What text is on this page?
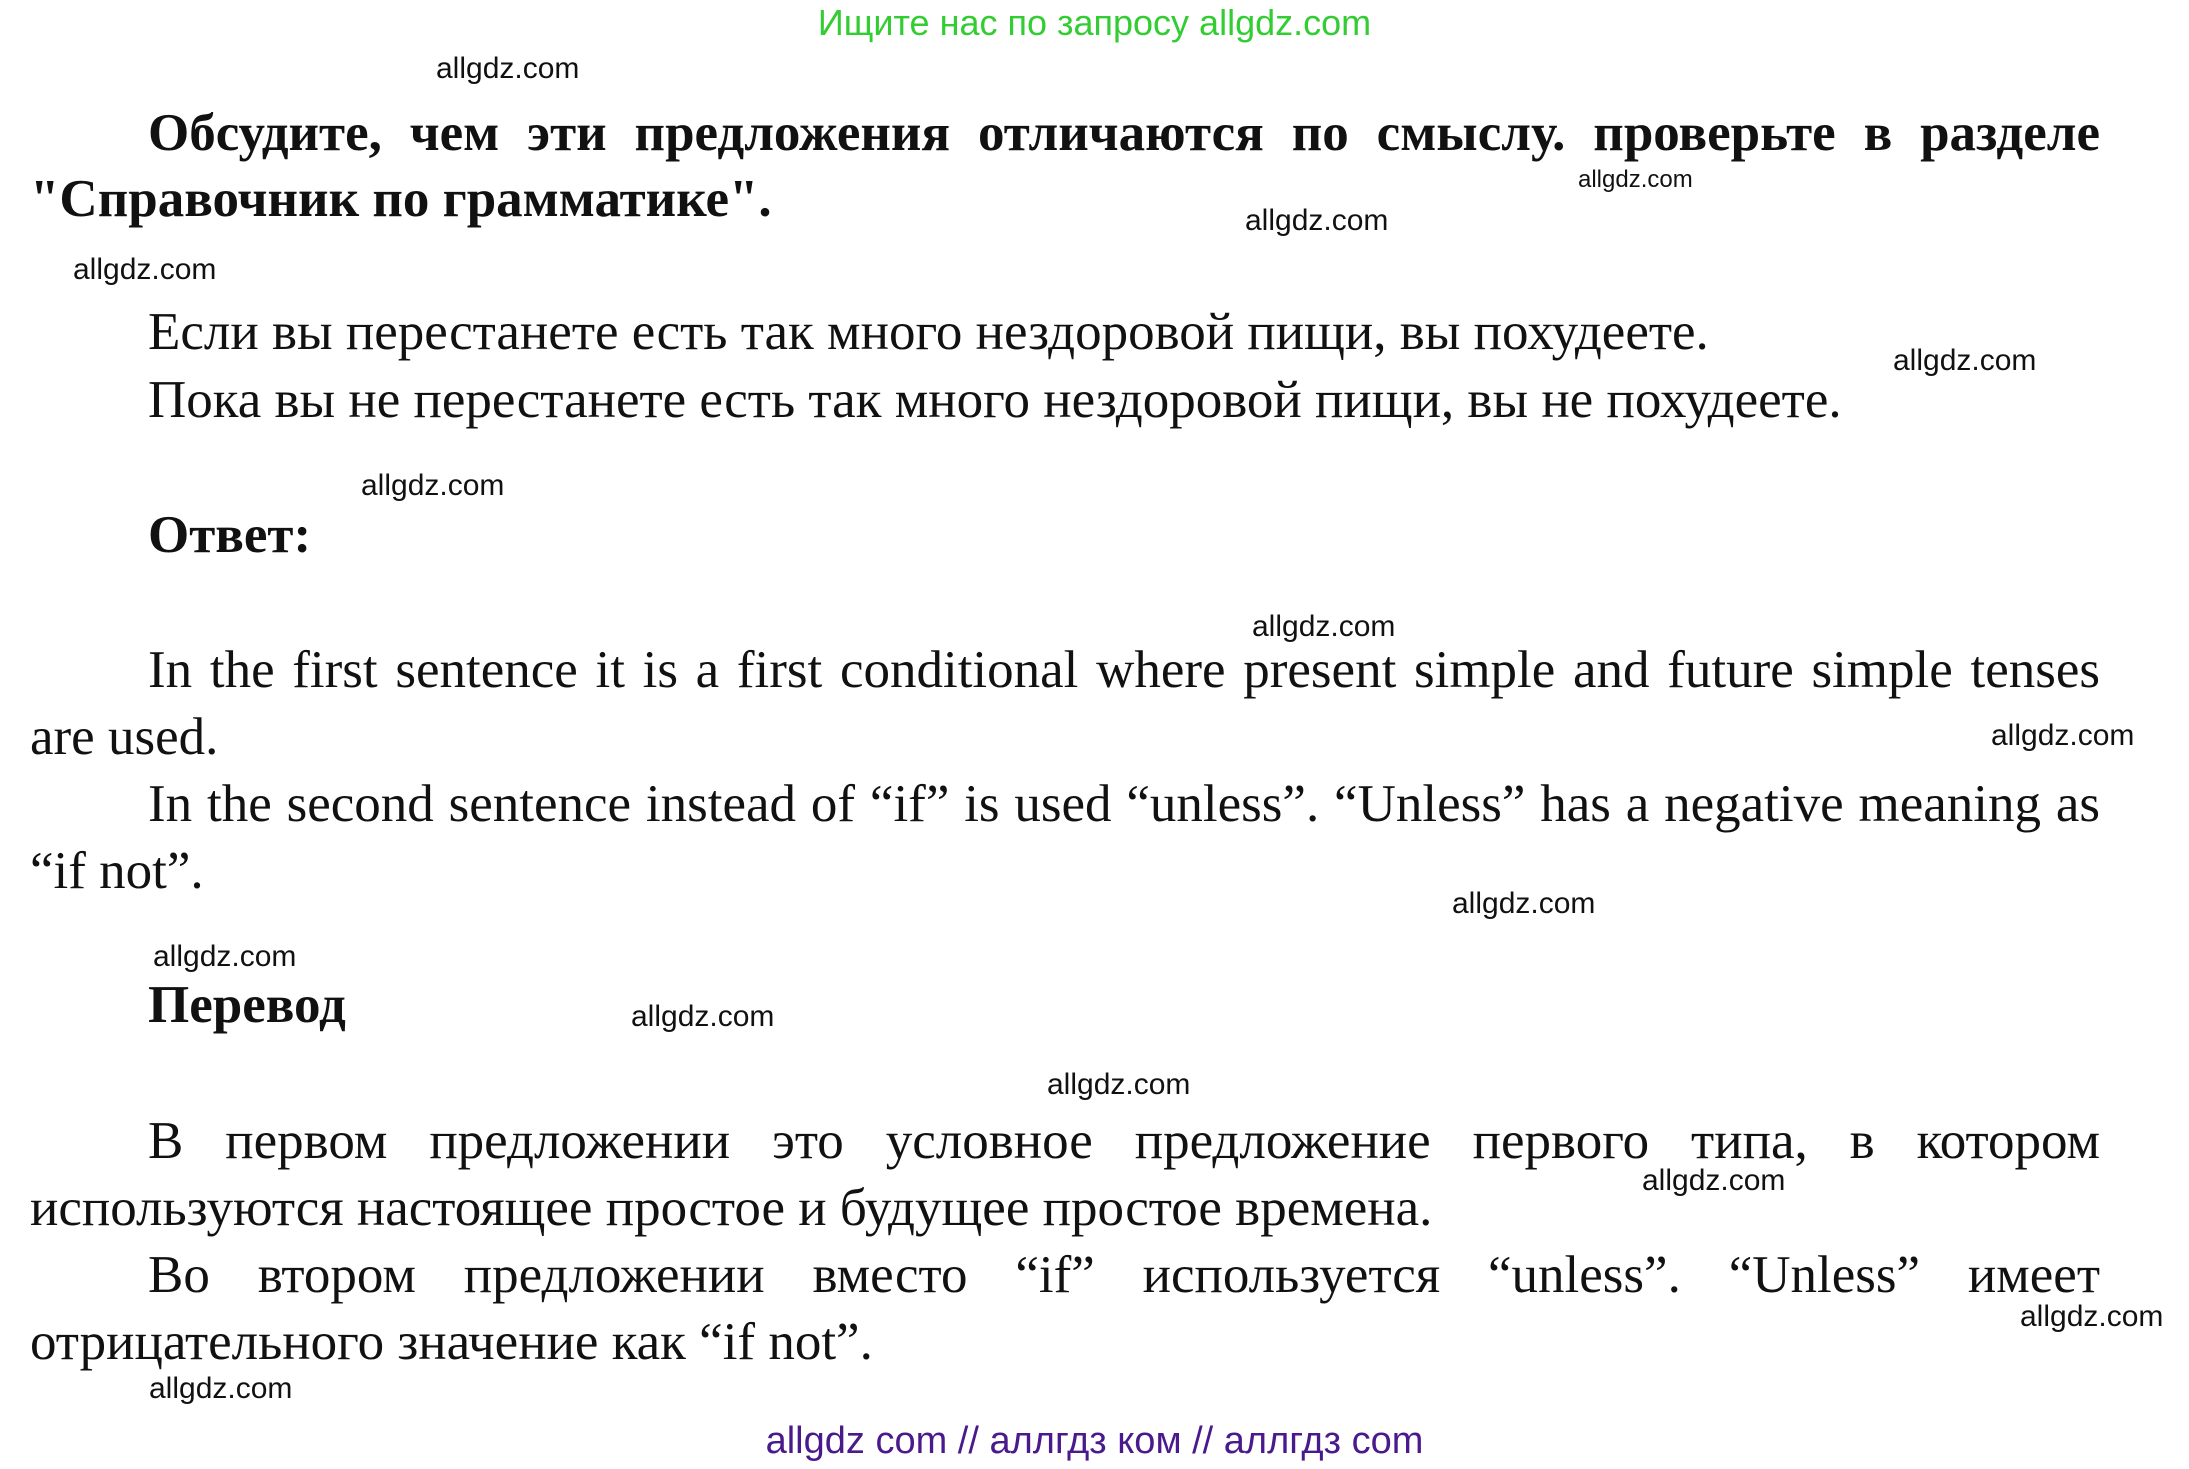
Ищите нас по запросу allgdz.com
allgdz.com
Обсудите, чем эти предложения отличаются по смыслу. проверьте в разделе "Справочник по грамматике".	allgdz.com
allgdz.com
allgdz.com
Если вы перестанете есть так много нездоровой пищи, вы похудеете.	allgdz.com
Пока вы не перестанете есть так много нездоровой пищи, вы не похудеете.
allgdz.com
Ответ:
allgdz.com
In the first sentence it is a first conditional where present simple and future simple tenses are used.	allgdz.com
In the second sentence instead of “if” is used “unless”. “Unless” has a negative meaning as “if not”.
allgdz.com
allgdz.com
Перевод	allgdz.com
allgdz.com
В первом предложении это условное предложение первого типа, в котором используются настоящее простое и будущее простое времена.	allgdz.com
Во втором предложении вместо “if” используется “unless”. “Unless” имеет отрицательного значение как “if not”.	allgdz.com
allgdz.com
allgdz com // аллгдз ком // аллгдз com
